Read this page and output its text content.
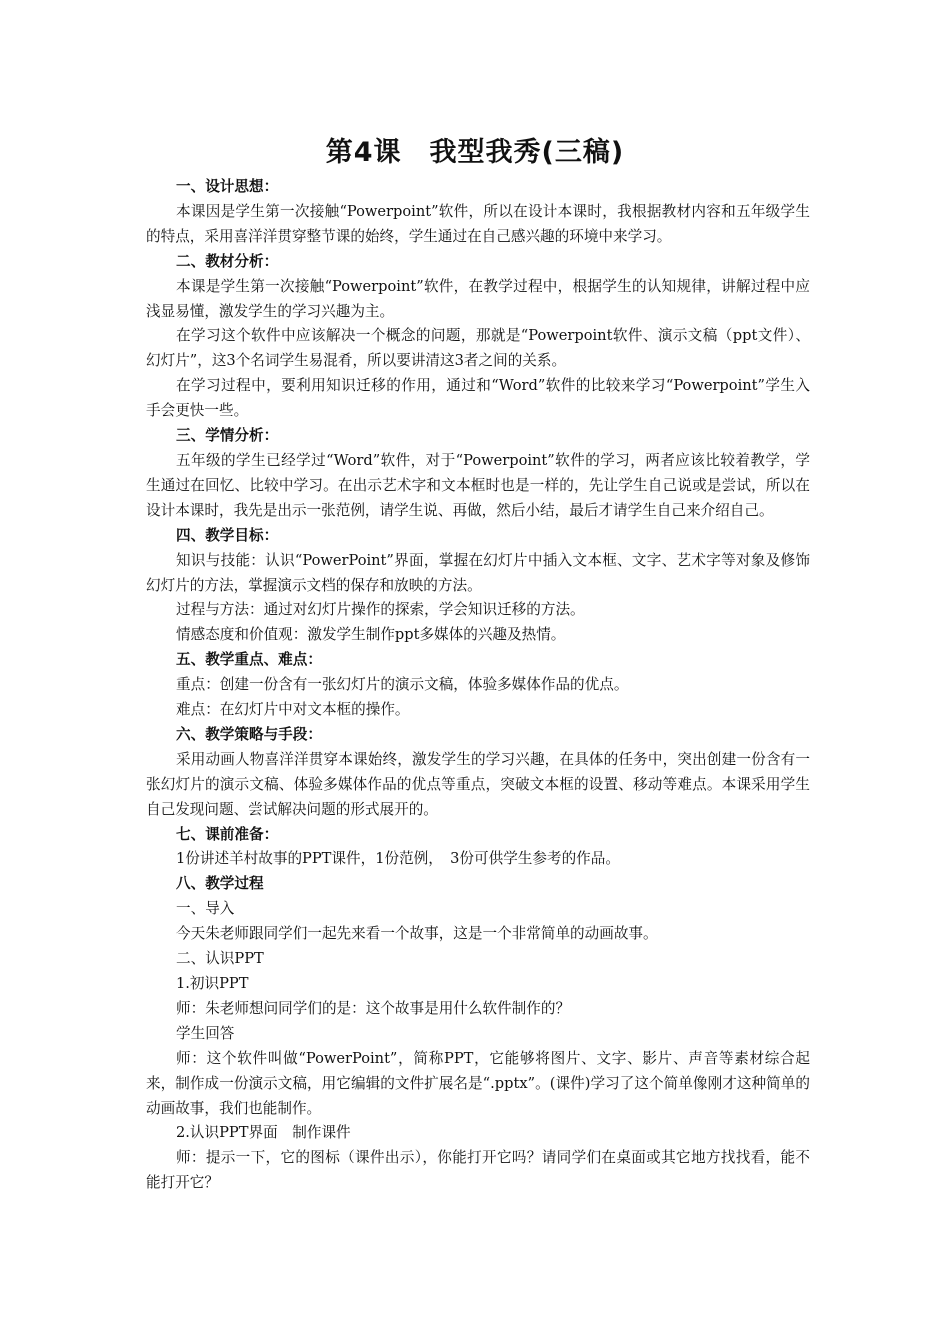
第4课　我型我秀(三稿)

一、设计思想：

本课因是学生第一次接触“Powerpoint”软件，所以在设计本课时，我根据教材内容和五年级学生的特点，采用喜洋洋贯穿整节课的始终，学生通过在自己感兴趣的环境中来学习。

二、教材分析：

本课是学生第一次接触“Powerpoint”软件，在教学过程中，根据学生的认知规律，讲解过程中应浅显易懂，激发学生的学习兴趣为主。

在学习这个软件中应该解决一个概念的问题，那就是“Powerpoint软件、演示文稿（ppt文件）、幻灯片”，这3个名词学生易混肴，所以要讲清这3者之间的关系。

在学习过程中，要利用知识迁移的作用，通过和“Word”软件的比较来学习“Powerpoint”学生入手会更快一些。

三、学情分析：

五年级的学生已经学过“Word”软件，对于“Powerpoint”软件的学习，两者应该比较着教学，学生通过在回忆、比较中学习。在出示艺术字和文本框时也是一样的，先让学生自己说或是尝试，所以在设计本课时，我先是出示一张范例，请学生说、再做，然后小结，最后才请学生自己来介绍自己。

四、教学目标：

知识与技能：认识“PowerPoint”界面，掌握在幻灯片中插入文本框、文字、艺术字等对象及修饰幻灯片的方法，掌握演示文档的保存和放映的方法。

过程与方法：通过对幻灯片操作的探索，学会知识迁移的方法。

情感态度和价值观：激发学生制作ppt多媒体的兴趣及热情。

五、教学重点、难点：

重点：创建一份含有一张幻灯片的演示文稿，体验多媒体作品的优点。

难点：在幻灯片中对文本框的操作。

六、教学策略与手段：

采用动画人物喜洋洋贯穿本课始终，激发学生的学习兴趣，在具体的任务中，突出创建一份含有一张幻灯片的演示文稿、体验多媒体作品的优点等重点，突破文本框的设置、移动等难点。本课采用学生自己发现问题、尝试解决问题的形式展开的。

七、课前准备：

1份讲述羊村故事的PPT课件，1份范例，　3份可供学生参考的作品。

八、教学过程

一、导入

今天朱老师跟同学们一起先来看一个故事，这是一个非常简单的动画故事。

二、认识PPT

1.初识PPT

师：朱老师想问同学们的是：这个故事是用什么软件制作的？

学生回答

师：这个软件叫做“PowerPoint”，简称PPT，它能够将图片、文字、影片、声音等素材综合起来，制作成一份演示文稿，用它编辑的文件扩展名是“.pptx”。(课件)学习了这个简单像刚才这种简单的动画故事，我们也能制作。

2.认识PPT界面　制作课件

师：提示一下，它的图标（课件出示），你能打开它吗？请同学们在桌面或其它地方找找看，能不能打开它？
